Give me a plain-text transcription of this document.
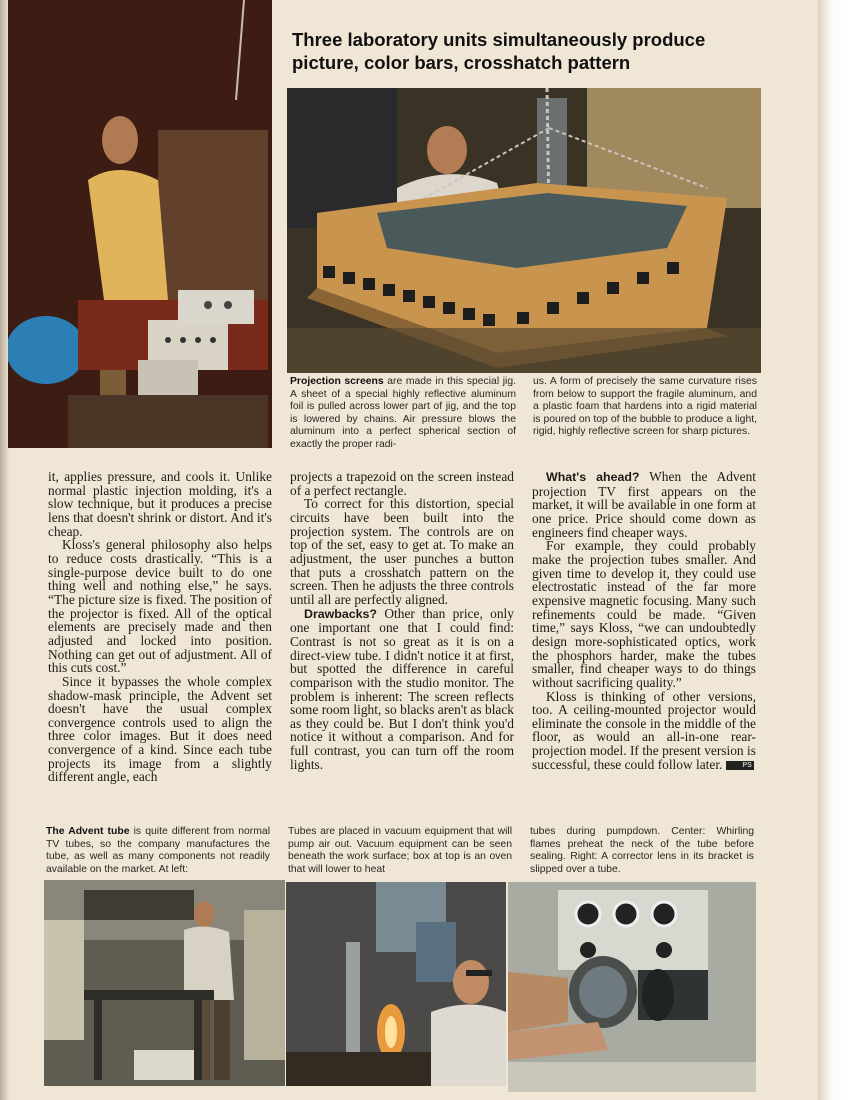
Three laboratory units simultaneously produce picture, color bars, crosshatch pattern
Projection screens are made in this special jig. A sheet of a special highly reflective aluminum foil is pulled across lower part of jig, and the top is lowered by chains. Air pressure blows the aluminum into a perfect spherical section of exactly the proper radi-
us. A form of precisely the same curvature rises from below to support the fragile aluminum, and a plastic foam that hardens into a rigid material is poured on top of the bubble to produce a light, rigid, highly reflective screen for sharp pictures.

it, applies pressure, and cools it. Unlike normal plastic injection molding, it's a slow technique, but it produces a precise lens that doesn't shrink or distort. And it's cheap.

Kloss's general philosophy also helps to reduce costs drastically. “This is a single-purpose device built to do one thing well and nothing else,” he says. “The picture size is fixed. The position of the projector is fixed. All of the optical elements are precisely made and then adjusted and locked into position. Nothing can get out of adjustment. All of this cuts cost.”

Since it bypasses the whole complex shadow-mask principle, the Advent set doesn't have the usual complex convergence controls used to align the three color images. But it does need convergence of a kind. Since each tube projects its image from a slightly different angle, each

projects a trapezoid on the screen instead of a perfect rectangle.

To correct for this distortion, special circuits have been built into the projection system. The controls are on top of the set, easy to get at. To make an adjustment, the user punches a button that puts a crosshatch pattern on the screen. Then he adjusts the three controls until all are perfectly aligned.

Drawbacks? Other than price, only one important one that I could find: Contrast is not so great as it is on a direct-view tube. I didn't notice it at first, but spotted the difference in careful comparison with the studio monitor. The problem is inherent: The screen reflects some room light, so blacks aren't as black as they could be. But I don't think you'd notice it without a comparison. And for full contrast, you can turn off the room lights.

What's ahead? When the Advent projection TV first appears on the market, it will be available in one form at one price. Price should come down as engineers find cheaper ways.

For example, they could probably make the projection tubes smaller. And given time to develop it, they could use electrostatic instead of the far more expensive magnetic focusing. Many such refinements could be made. “Given time,” says Kloss, “we can undoubtedly design more-sophisticated optics, work the phosphors harder, make the tubes smaller, find cheaper ways to do things without sacrificing quality.”

Kloss is thinking of other versions, too. A ceiling-mounted projector would eliminate the console in the middle of the floor, as would an all-in-one rear-projection model. If the present version is successful, these could follow later.	PS

The Advent tube is quite different from normal TV tubes, so the company manufactures the tube, as well as many components not readily available on the market. At left:
Tubes are placed in vacuum equipment that will pump air out. Vacuum equipment can be seen beneath the work surface; box at top is an oven that will lower to heat
tubes during pumpdown. Center: Whirling flames preheat the neck of the tube before sealing. Right: A corrector lens in its bracket is slipped over a tube.
